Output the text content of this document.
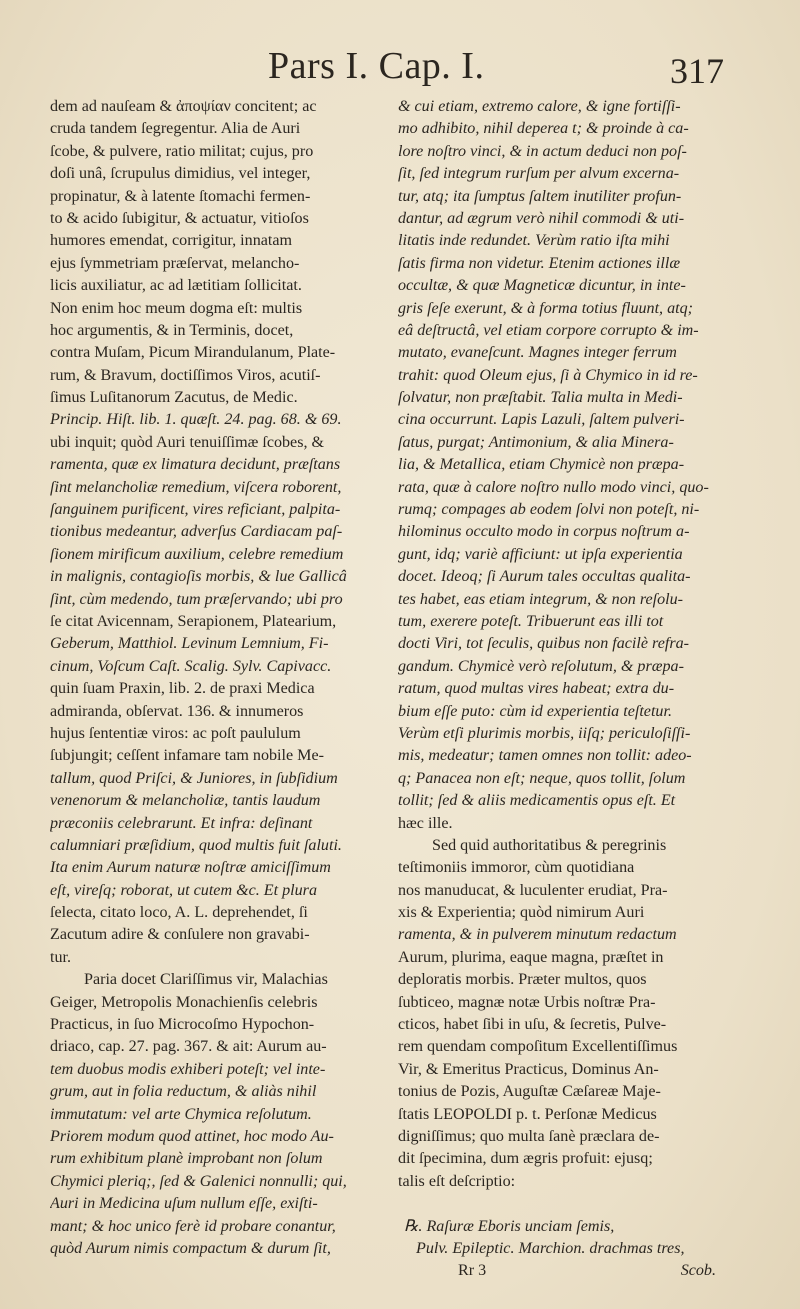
Pars I. Cap. I.	317
dem ad nauſeam & ἀποψίαν concitent; ac
cruda tandem ſegregentur. Alia de Auri
ſcobe, & pulvere, ratio militat; cujus, pro
doſi unâ, ſcrupulus dimidius, vel integer,
propinatur, & à latente ſtomachi fermen-
to & acido ſubigitur, & actuatur, vitioſos
humores emendat, corrigitur, innatam
ejus ſymmetriam præſervat, melancho-
licis auxiliatur, ac ad lætitiam ſollicitat.
Non enim hoc meum dogma eſt: multis
hoc argumentis, & in Terminis, docet,
contra Muſam, Picum Mirandulanum, Plate-
rum, & Bravum, doctiſſimos Viros, acutiſ-
ſimus Luſitanorum Zacutus, de Medic.
Princip. Hiſt. lib. 1. quæſt. 24. pag. 68. & 69.
ubi inquit; quòd Auri tenuiſſimæ ſcobes, &
ramenta, quæ ex limatura decidunt, præſtans
ſint melancholiæ remedium, viſcera roborent,
ſanguinem purificent, vires reficiant, palpita-
tionibus medeantur, adverſus Cardiacam paſ-
ſionem mirificum auxilium, celebre remedium
in malignis, contagioſis morbis, & lue Gallicâ
ſint, cùm medendo, tum præſervando; ubi pro
ſe citat Avicennam, Serapionem, Platearium,
Geberum, Matthiol. Levinum Lemnium, Fi-
cinum, Voſcum Caſt. Scalig. Sylv. Capivacc.
quin ſuam Praxin, lib. 2. de praxi Medica
admiranda, obſervat. 136. & innumeros
hujus ſententiæ viros: ac poſt paululum
ſubjungit; ceſſent infamare tam nobile Me-
tallum, quod Priſci, & Juniores, in ſubſidium
venenorum & melancholiæ, tantis laudum
præconiis celebrarunt. Et infra: deſinant
calumniari præſidium, quod multis fuit ſaluti.
Ita enim Aurum naturæ noſtræ amiciſſimum
eſt, vireſq; roborat, ut cutem &c. Et plura
ſelecta, citato loco, A. L. deprehendet, ſi
Zacutum adire & conſulere non gravabi-
tur.
Paria docet Clariſſimus vir, Malachias
Geiger, Metropolis Monachienſis celebris
Practicus, in ſuo Microcoſmo Hypochon-
driaco, cap. 27. pag. 367. & ait: Aurum au-
tem duobus modis exhiberi poteſt; vel inte-
grum, aut in folia reductum, & aliàs nihil
immutatum: vel arte Chymica reſolutum.
Priorem modum quod attinet, hoc modo Au-
rum exhibitum planè improbant non ſolum
Chymici pleriq;, ſed & Galenici nonnulli; qui,
Auri in Medicina uſum nullum eſſe, exiſti-
mant; & hoc unico ferè id probare conantur,
quòd Aurum nimis compactum & durum ſit,
& cui etiam, extremo calore, & igne fortiſſi-
mo adhibito, nihil deperea t; & proinde à ca-
lore noſtro vinci, & in actum deduci non poſ-
ſit, ſed integrum rurſum per alvum excerna-
tur, atq; ita ſumptus ſaltem inutiliter profun-
dantur, ad ægrum verò nihil commodi & uti-
litatis inde redundet. Verùm ratio iſta mihi
ſatis firma non videtur. Etenim actiones illæ
occultæ, & quæ Magneticæ dicuntur, in inte-
gris ſeſe exerunt, & à forma totius fluunt, atq;
eâ deſtructâ, vel etiam corpore corrupto & im-
mutato, evaneſcunt. Magnes integer ferrum
trahit: quod Oleum ejus, ſi à Chymico in id re-
ſolvatur, non præſtabit. Talia multa in Medi-
cina occurrunt. Lapis Lazuli, ſaltem pulveri-
ſatus, purgat; Antimonium, & alia Minera-
lia, & Metallica, etiam Chymicè non præpa-
rata, quæ à calore noſtro nullo modo vinci, quo-
rumq; compages ab eodem ſolvi non poteſt, ni-
hilominus occulto modo in corpus noſtrum a-
gunt, idq; variè afficiunt: ut ipſa experientia
docet. Ideoq; ſi Aurum tales occultas qualita-
tes habet, eas etiam integrum, & non reſolu-
tum, exerere poteſt. Tribuerunt eas illi tot
docti Viri, tot ſeculis, quibus non facilè refra-
gandum. Chymicè verò reſolutum, & præpa-
ratum, quod multas vires habeat; extra du-
bium eſſe puto: cùm id experientia teſtetur.
Verùm etſi plurimis morbis, iiſq; periculoſiſſi-
mis, medeatur; tamen omnes non tollit: adeo-
q; Panacea non eſt; neque, quos tollit, ſolum
tollit; ſed & aliis medicamentis opus eſt. Et
hæc ille.
Sed quid authoritatibus & peregrinis
teſtimoniis immoror, cùm quotidiana
nos manuducat, & luculenter erudiat, Pra-
xis & Experientia; quòd nimirum Auri
ramenta, & in pulverem minutum redactum
Aurum, plurima, eaque magna, præſtet in
deploratis morbis. Præter multos, quos
ſubticeo, magnæ notæ Urbis noſtræ Pra-
cticos, habet ſibi in uſu, & ſecretis, Pulve-
rem quendam compoſitum Excellentiſſimus
Vir, & Emeritus Practicus, Dominus An-
tonius de Pozis, Auguſtæ Cæſareæ Maje-
ſtatis LEOPOLDI p. t. Perſonæ Medicus
digniſſimus; quo multa ſanè præclara de-
dit ſpecimina, dum ægris profuit: ejusq;
talis eſt deſcriptio:
℞. Raſuræ Eboris unciam ſemis,
Pulv. Epileptic. Marchion. drachmas tres,
Rr 3	Scob.
